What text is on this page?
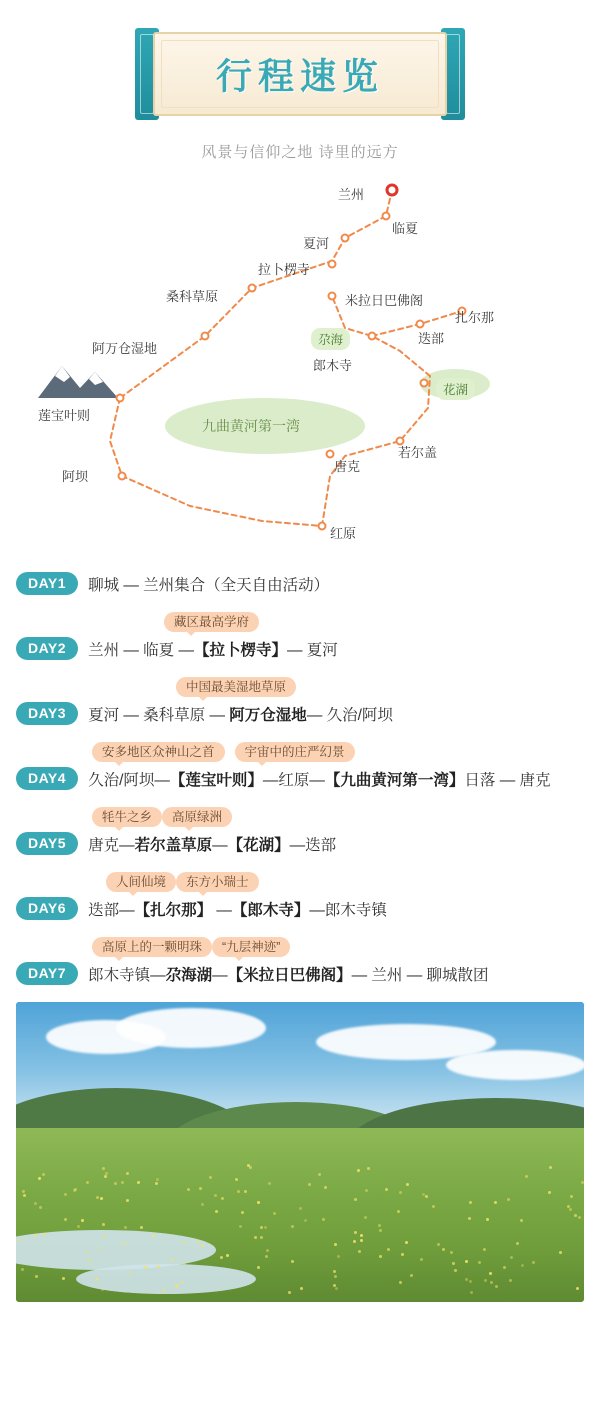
行程速览
风景与信仰之地 诗里的远方
兰州
临夏
夏河
拉卜楞寺
桑科草原	米拉日巴佛阁
扎尔那
迭部
尕海
阿万仓湿地
郎木寺
花湖
九曲黄河第一湾
莲宝叶则
若尔盖
唐克
阿坝
红原
DAY1	聊城 — 兰州集合（全天自由活动）
藏区最高学府
DAY2	兰州 — 临夏 —【拉卜楞寺】— 夏河
中国最美湿地草原
DAY3	夏河 — 桑科草原 — 阿万仓湿地— 久治/阿坝
安多地区众神山之首 宇宙中的庄严幻景
DAY4	久治/阿坝—【莲宝叶则】—红原—【九曲黄河第一湾】日落 — 唐克
牦牛之乡 高原绿洲
DAY5	唐克—若尔盖草原—【花湖】—迭部
人间仙境 东方小瑞士
DAY6	迭部—【扎尔那】 —【郎木寺】—郎木寺镇
高原上的一颗明珠 “九层神迹”
DAY7	郎木寺镇—尕海湖—【米拉日巴佛阁】— 兰州 — 聊城散团
